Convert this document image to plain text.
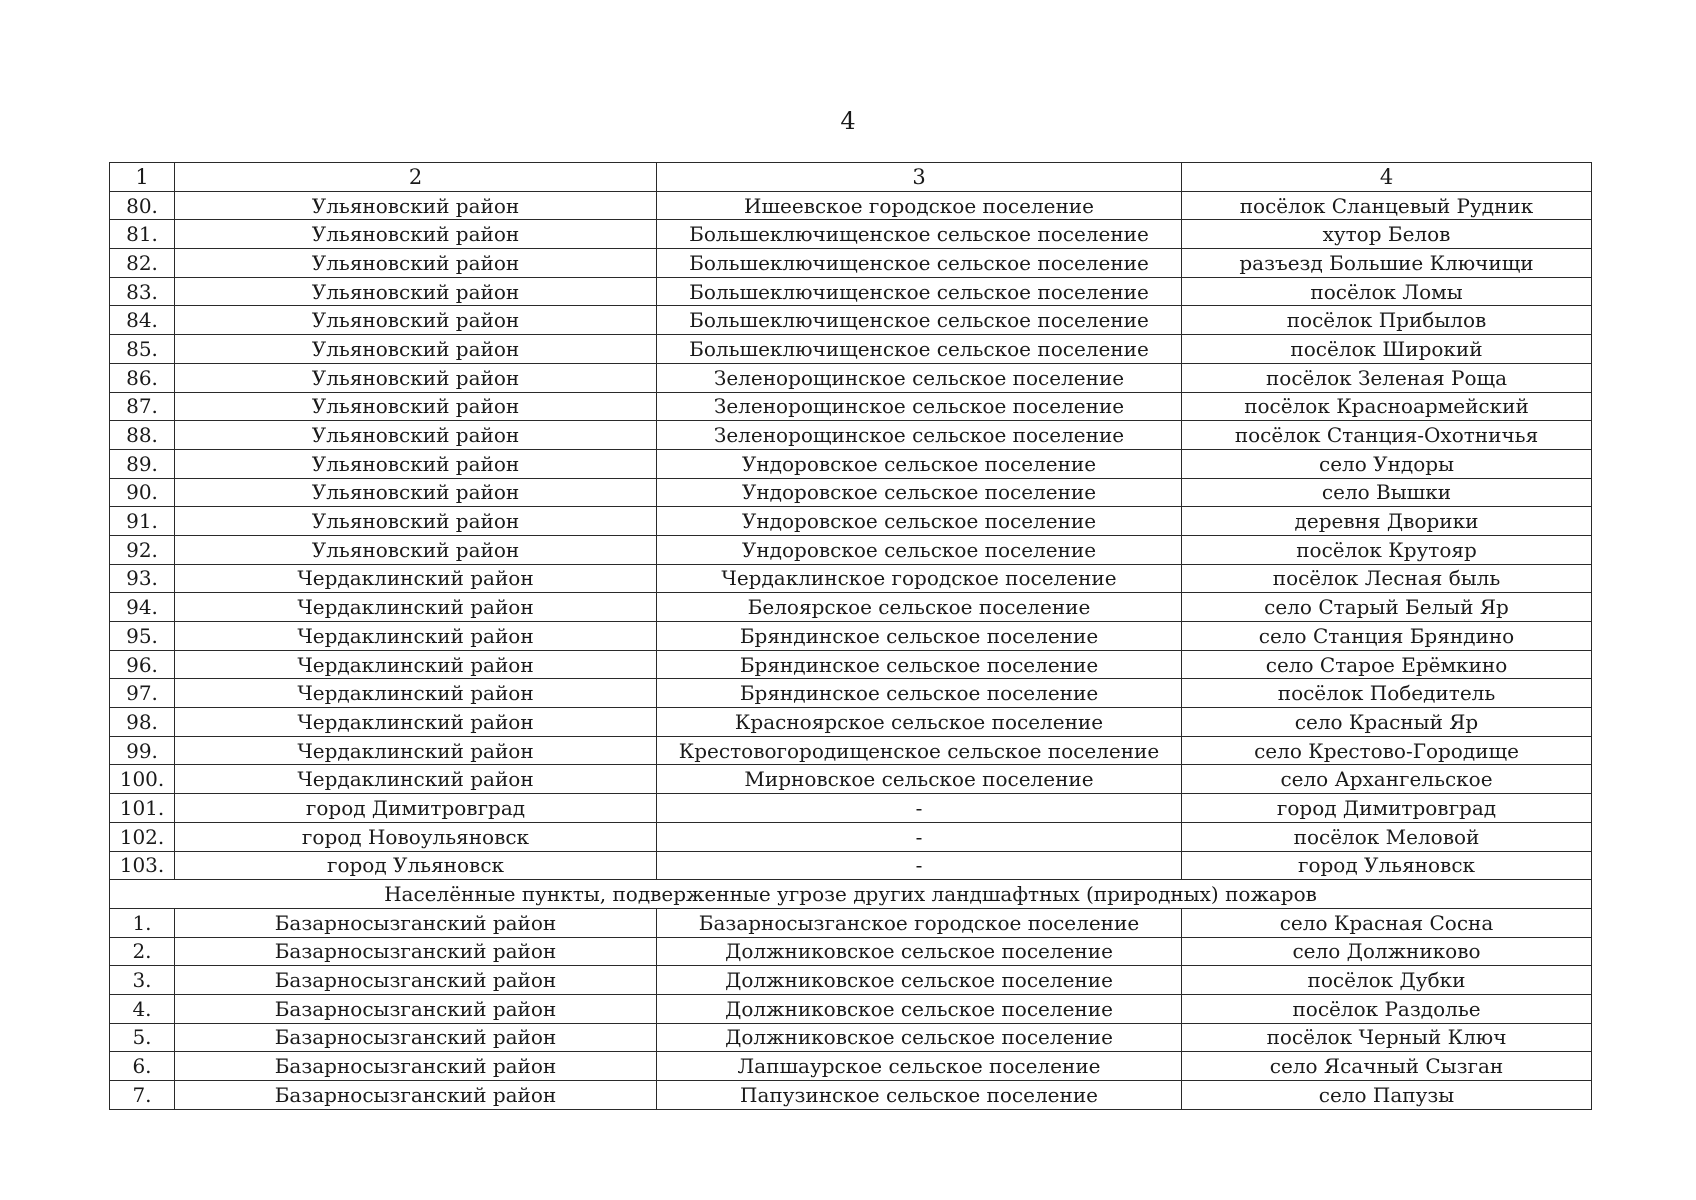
4
1	2	3	4
80.	Ульяновский район	Ишеевское городское поселение	посёлок Сланцевый Рудник
81.	Ульяновский район	Большеключищенское сельское поселение	хутор Белов
82.	Ульяновский район	Большеключищенское сельское поселение	разъезд Большие Ключищи
83.	Ульяновский район	Большеключищенское сельское поселение	посёлок Ломы
84.	Ульяновский район	Большеключищенское сельское поселение	посёлок Прибылов
85.	Ульяновский район	Большеключищенское сельское поселение	посёлок Широкий
86.	Ульяновский район	Зеленорощинское сельское поселение	посёлок Зеленая Роща
87.	Ульяновский район	Зеленорощинское сельское поселение	посёлок Красноармейский
88.	Ульяновский район	Зеленорощинское сельское поселение	посёлок Станция-Охотничья
89.	Ульяновский район	Ундоровское сельское поселение	село Ундоры
90.	Ульяновский район	Ундоровское сельское поселение	село Вышки
91.	Ульяновский район	Ундоровское сельское поселение	деревня Дворики
92.	Ульяновский район	Ундоровское сельское поселение	посёлок Крутояр
93.	Чердаклинский район	Чердаклинское городское поселение	посёлок Лесная быль
94.	Чердаклинский район	Белоярское сельское поселение	село Старый Белый Яр
95.	Чердаклинский район	Бряндинское сельское поселение	село Станция Бряндино
96.	Чердаклинский район	Бряндинское сельское поселение	село Старое Ерёмкино
97.	Чердаклинский район	Бряндинское сельское поселение	посёлок Победитель
98.	Чердаклинский район	Красноярское сельское поселение	село Красный Яр
99.	Чердаклинский район	Крестовогородищенское сельское поселение	село Крестово-Городище
100.	Чердаклинский район	Мирновское сельское поселение	село Архангельское
101.	город Димитровград	-	город Димитровград
102.	город Новоульяновск	-	посёлок Меловой
103.	город Ульяновск	-	город Ульяновск
Населённые пункты, подверженные угрозе других ландшафтных (природных) пожаров			
1.	Базарносызганский район	Базарносызганское городское поселение	село Красная Сосна
2.	Базарносызганский район	Должниковское сельское поселение	село Должниково
3.	Базарносызганский район	Должниковское сельское поселение	посёлок Дубки
4.	Базарносызганский район	Должниковское сельское поселение	посёлок Раздолье
5.	Базарносызганский район	Должниковское сельское поселение	посёлок Черный Ключ
6.	Базарносызганский район	Лапшаурское сельское поселение	село Ясачный Сызган
7.	Базарносызганский район	Папузинское сельское поселение	село Папузы
